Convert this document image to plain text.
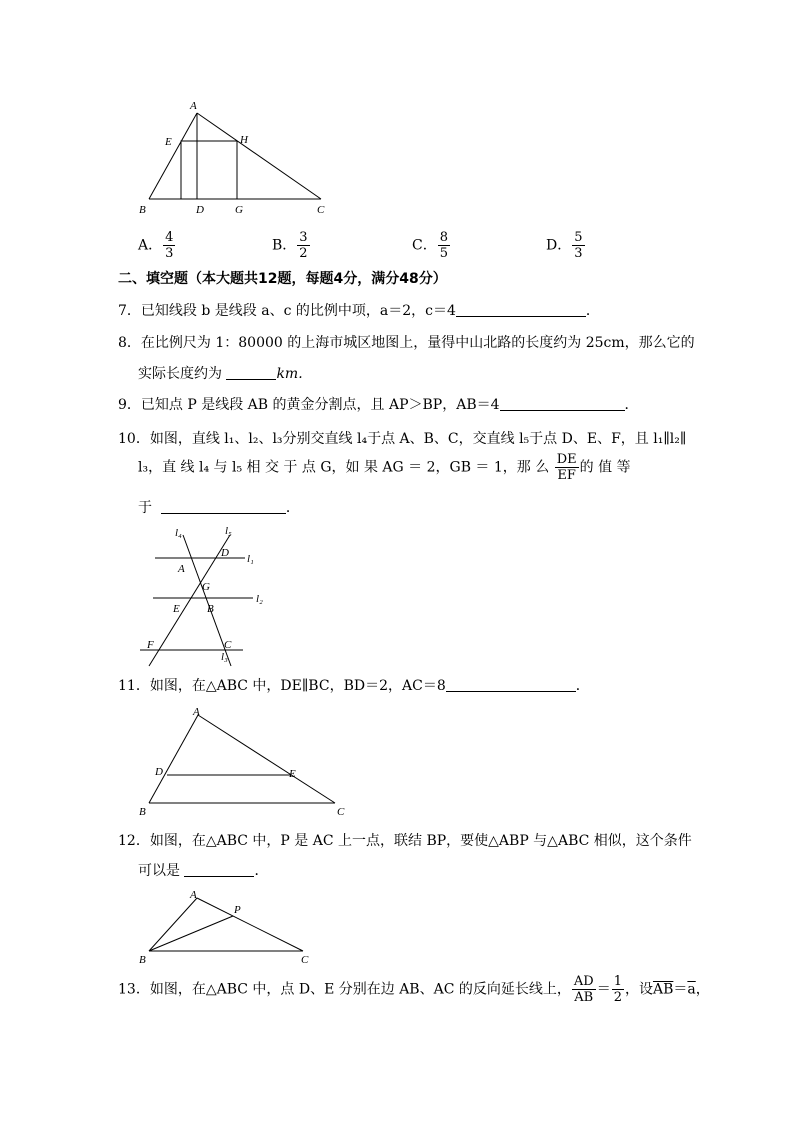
A
E	H
B	D	G	C
A． $\frac{4}{3}$	B． $\frac{3}{2}$	C． $\frac{8}{5}$	D． $\frac{5}{3}$
二、填空题（本大题共12题，每题4分，满分48分）
7．已知线段 b 是线段 a、c 的比例中项，a＝2，c＝4	．
8．在比例尺为 1：80000 的上海市城区地图上，量得中山北路的长度约为 25cm，那么它的
实际长度约为	km.
9．已知点 P 是线段 AB 的黄金分割点，且 AP＞BP，AB＝4	．
10．如图，直线 l₁、l₂、l₃分别交直线 l₄于点 A、B、C，交直线 l₅于点 D、E、F，且 l₁∥l₂∥
l₃，直 线 l₄ 与 l₅ 相 交 于 点 G，如 果 AG ＝ 2，GB ＝ 1，那 么 $\frac{DE}{EF}$ 的 值 等
于	．
l₄	l₅
D l₁
A
G
l₂
E B
F	C
l₃
11．如图，在△ABC 中，DE∥BC，BD＝2，AC＝8	．
A
D	E
B	C
12．如图，在△ABC 中，P 是 AC 上一点，联结 BP，要使△ABP 与△ABC 相似，这个条件
可以是	．
A
P
B	C
13．如图，在△ABC 中，点 D、E 分别在边 AB、AC 的反向延长线上， $\frac{AD}{AB} = \frac{1}{2}$ ，设$\overline{AB}=\overline{a}$，
